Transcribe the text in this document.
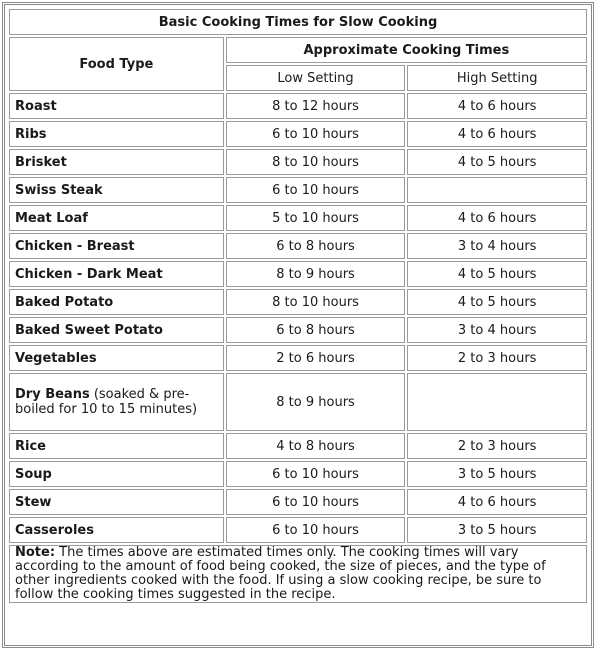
Basic Cooking Times for Slow Cooking		
Food Type	Approximate Cooking Times	
	Low Setting	High Setting
Roast	8 to 12 hours	4 to 6 hours
Ribs	6 to 10 hours	4 to 6 hours
Brisket	8 to 10 hours	4 to 5 hours
Swiss Steak	6 to 10 hours	
Meat Loaf	5 to 10 hours	4 to 6 hours
Chicken - Breast	6 to 8 hours	3 to 4 hours
Chicken - Dark Meat	8 to 9 hours	4 to 5 hours
Baked Potato	8 to 10 hours	4 to 5 hours
Baked Sweet Potato	6 to 8 hours	3 to 4 hours
Vegetables	2 to 6 hours	2 to 3 hours
Dry Beans (soaked & pre-boiled for 10 to 15 minutes)	8 to 9 hours	
Rice	4 to 8 hours	2 to 3 hours
Soup	6 to 10 hours	3 to 5 hours
Stew	6 to 10 hours	4 to 6 hours
Casseroles	6 to 10 hours	3 to 5 hours
Note: The times above are estimated times only. The cooking times will vary according to the amount of food being cooked, the size of pieces, and the type of other ingredients cooked with the food. If using a slow cooking recipe, be sure to follow the cooking times suggested in the recipe.		
